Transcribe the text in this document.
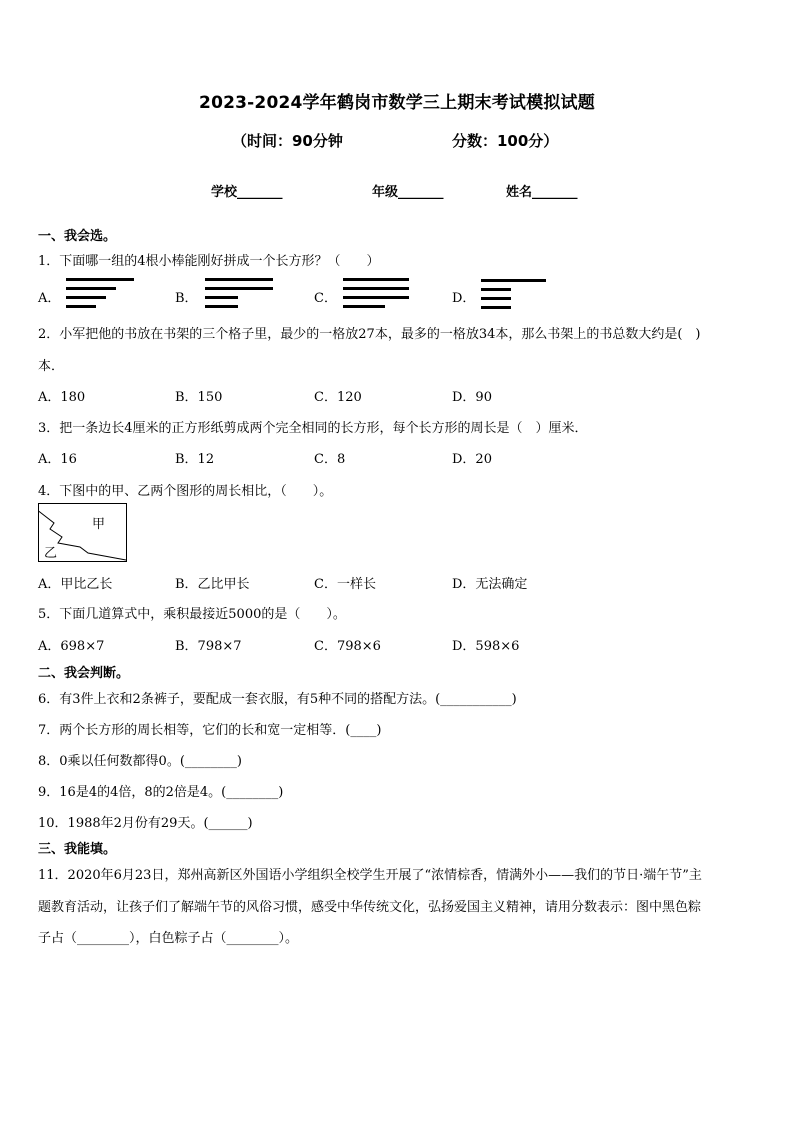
2023-2024学年鹤岗市数学三上期末考试模拟试题
（时间：90分钟	分数：100分）
学校_______	年级_______	姓名_______
一、我会选。
1．下面哪一组的4根小棒能刚好拼成一个长方形？（　　）
A．	B．	C．	D．
2．小军把他的书放在书架的三个格子里，最少的一格放27本，最多的一格放34本，那么书架上的书总数大约是(　)
本．
A．180	B．150	C．120	D．90
3．把一条边长4厘米的正方形纸剪成两个完全相同的长方形，每个长方形的周长是（　）厘米．
A．16	B．12	C．8	D．20
4．下图中的甲、乙两个图形的周长相比，（　　）。
甲
乙
A．甲比乙长	B．乙比甲长	C．一样长	D．无法确定
5．下面几道算式中，乘积最接近5000的是（　　）。
A．698×7	B．798×7	C．798×6	D．598×6
二、我会判断。
6．有3件上衣和2条裤子，要配成一套衣服，有5种不同的搭配方法。(___________)
7．两个长方形的周长相等，它们的长和宽一定相等．(____)
8．0乘以任何数都得0。(________)
9．16是4的4倍，8的2倍是4。(________)
10．1988年2月份有29天。(______)
三、我能填。
11．2020年6月23日，郑州高新区外国语小学组织全校学生开展了“浓情棕香，情满外小——我们的节日·端午节”主
题教育活动，让孩子们了解端午节的风俗习惯，感受中华传统文化，弘扬爱国主义精神，请用分数表示：图中黑色粽
子占（________），白色粽子占（________）。
